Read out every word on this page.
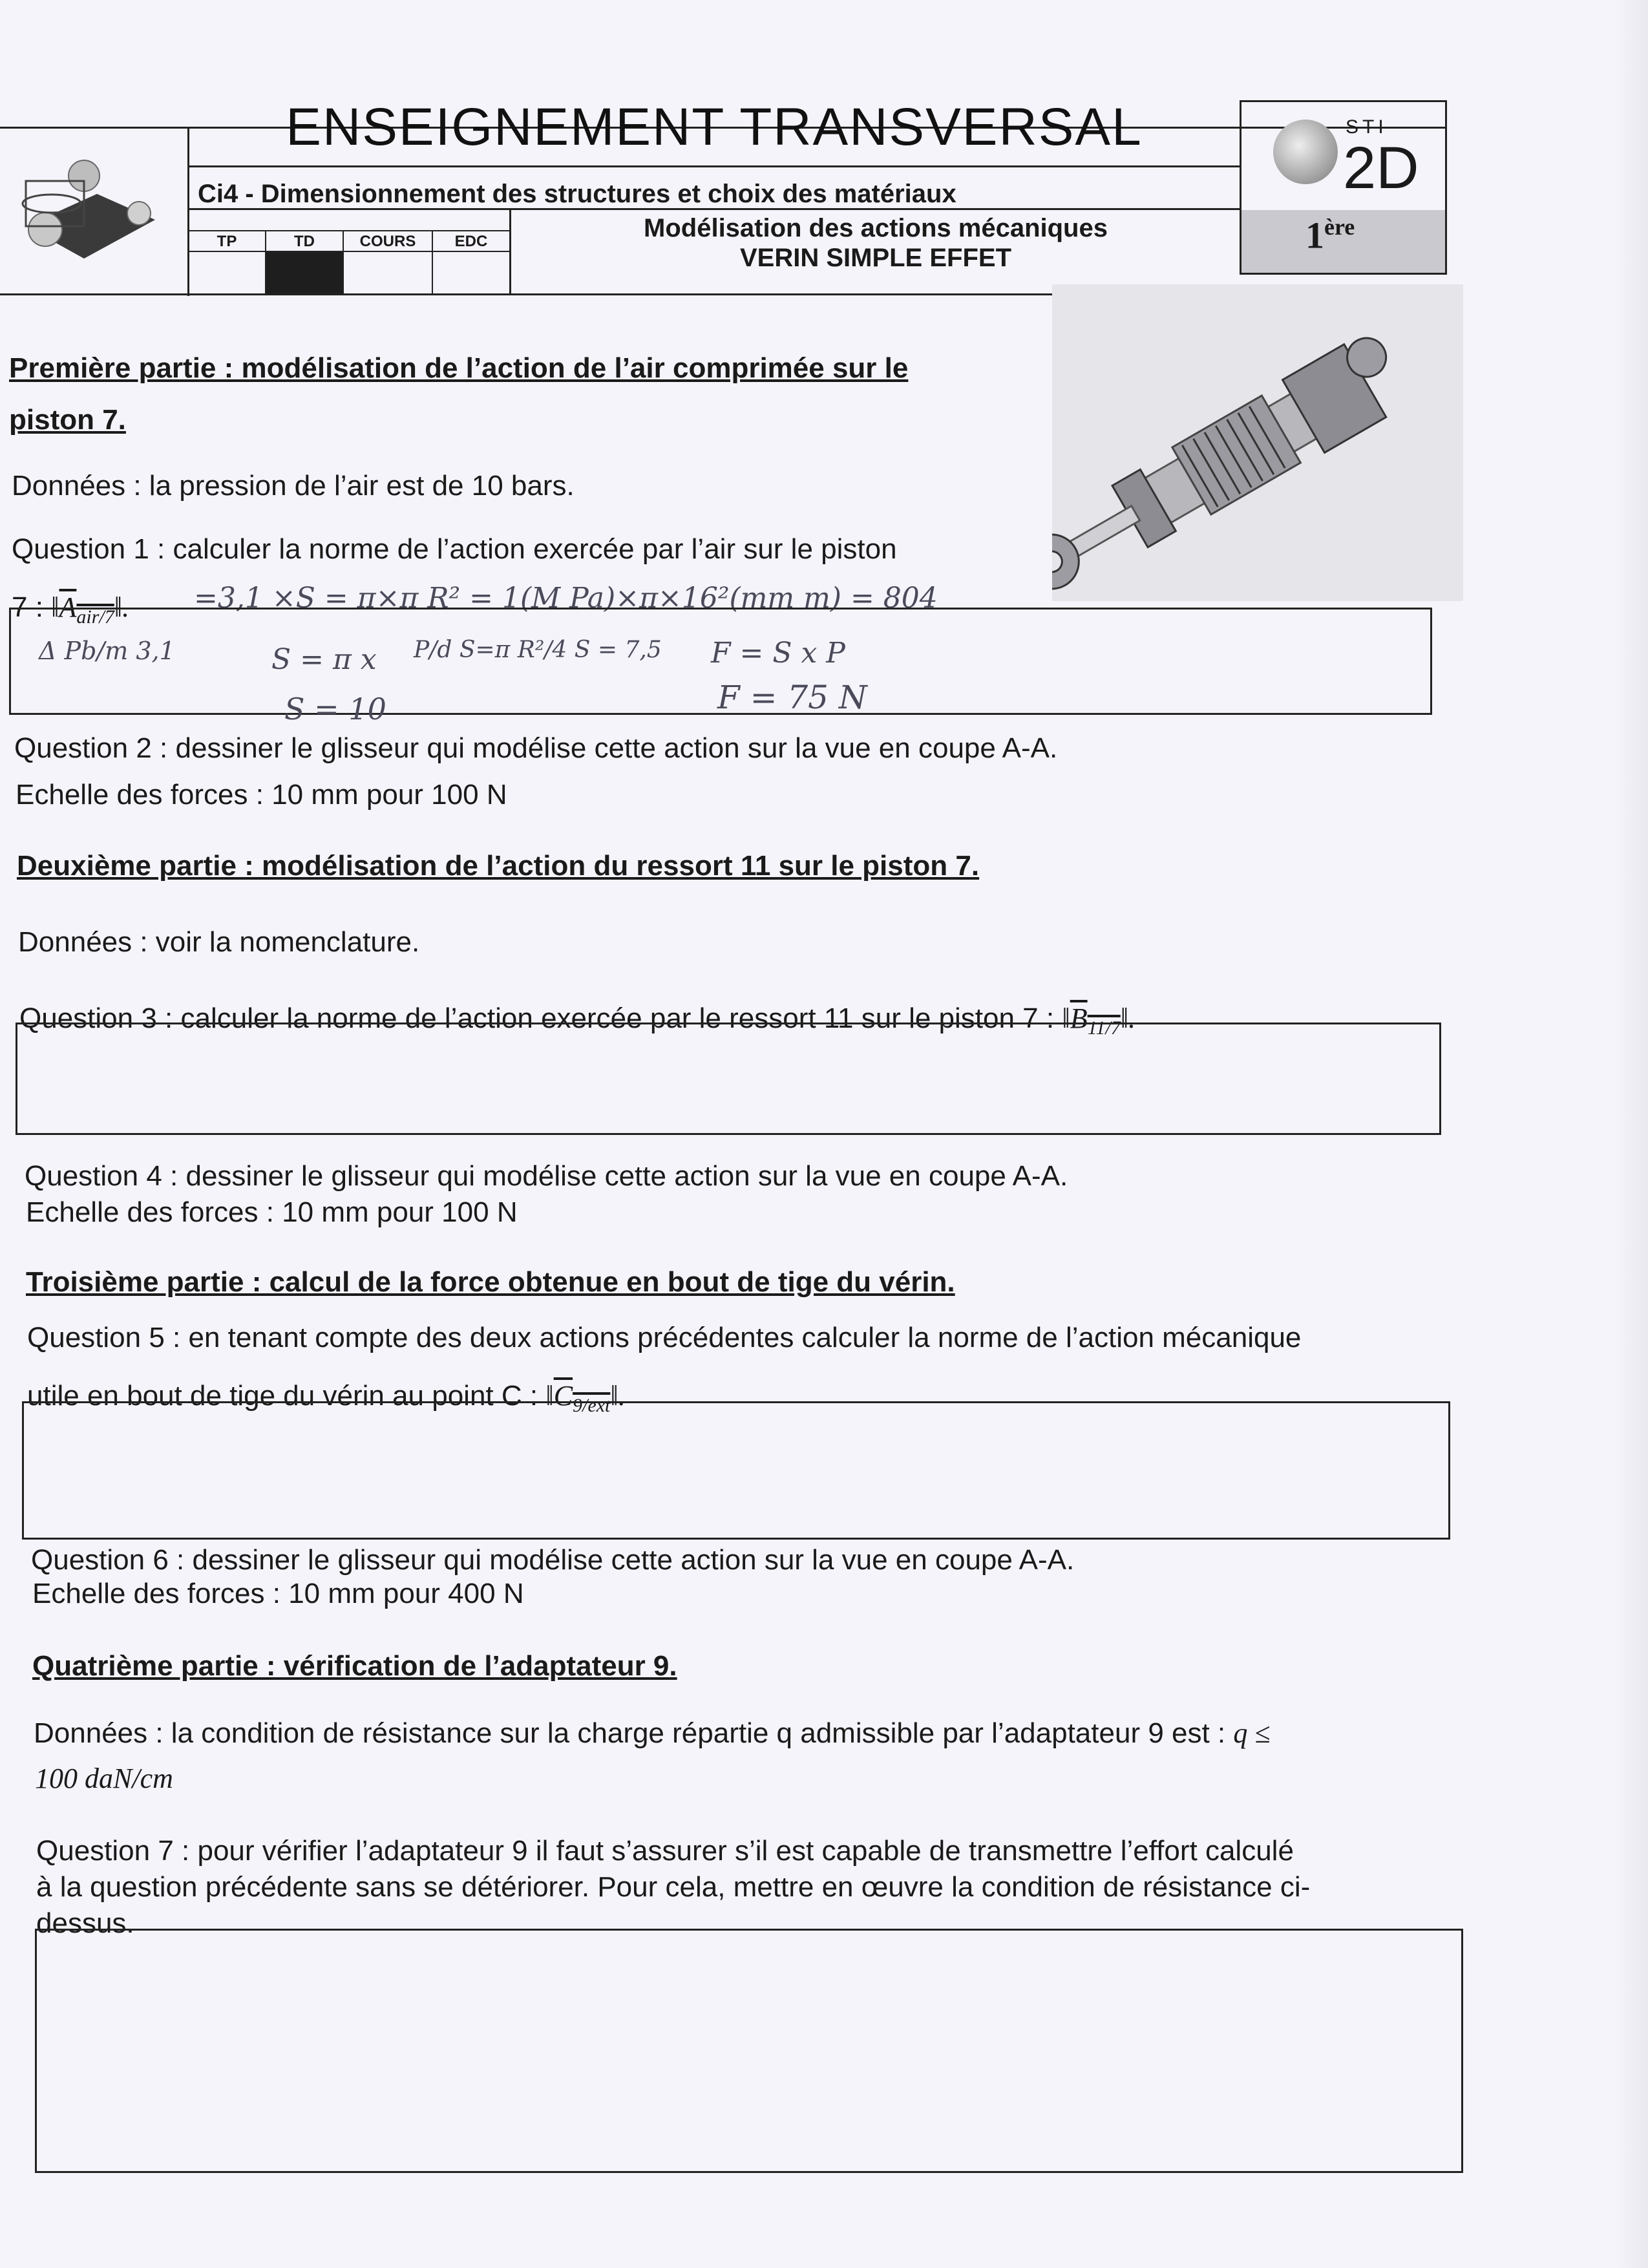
ENSEIGNEMENT TRANSVERSAL
Ci4 - Dimensionnement des structures et choix des matériaux
TP	TD	COURS	EDC	Modélisation des actions mécaniques
VERIN SIMPLE EFFET
STI
2D
1ère
Première partie : modélisation de l’action de l’air comprimée sur le
piston 7.
Données : la pression de l’air est de 10 bars.
Question 1 : calculer la norme de l’action exercée par l’air sur le piston
7 : $‖A_{air/7}‖$. =3,1 ×S = π×π R² = 1(M Pa)×π×16²(mm m) = 804
Δ Pb/m 3,1	S = π x P/d S=π R²/4 S = 7,5 F = S x P
S = 10	F = 75 N
Question 2 : dessiner le glisseur qui modélise cette action sur la vue en coupe A-A.
Echelle des forces : 10 mm pour 100 N
Deuxième partie : modélisation de l’action du ressort 11 sur le piston 7.
Données : voir la nomenclature.
Question 3 : calculer la norme de l’action exercée par le ressort 11 sur le piston 7 : $‖B_{11/7}‖$.
Question 4 : dessiner le glisseur qui modélise cette action sur la vue en coupe A-A.
Echelle des forces : 10 mm pour 100 N
Troisième partie : calcul de la force obtenue en bout de tige du vérin.
Question 5 : en tenant compte des deux actions précédentes calculer la norme de l’action mécanique
utile en bout de tige du vérin au point C : $‖C_{9/ext}‖$.
Question 6 : dessiner le glisseur qui modélise cette action sur la vue en coupe A-A.
Echelle des forces : 10 mm pour 400 N
Quatrième partie : vérification de l’adaptateur 9.
Données : la condition de résistance sur la charge répartie q admissible par l’adaptateur 9 est : q ≤
100 daN/cm
Question 7 : pour vérifier l’adaptateur 9 il faut s’assurer s’il est capable de transmettre l’effort calculé
à la question précédente sans se détériorer. Pour cela, mettre en œuvre la condition de résistance ci-
dessus.
